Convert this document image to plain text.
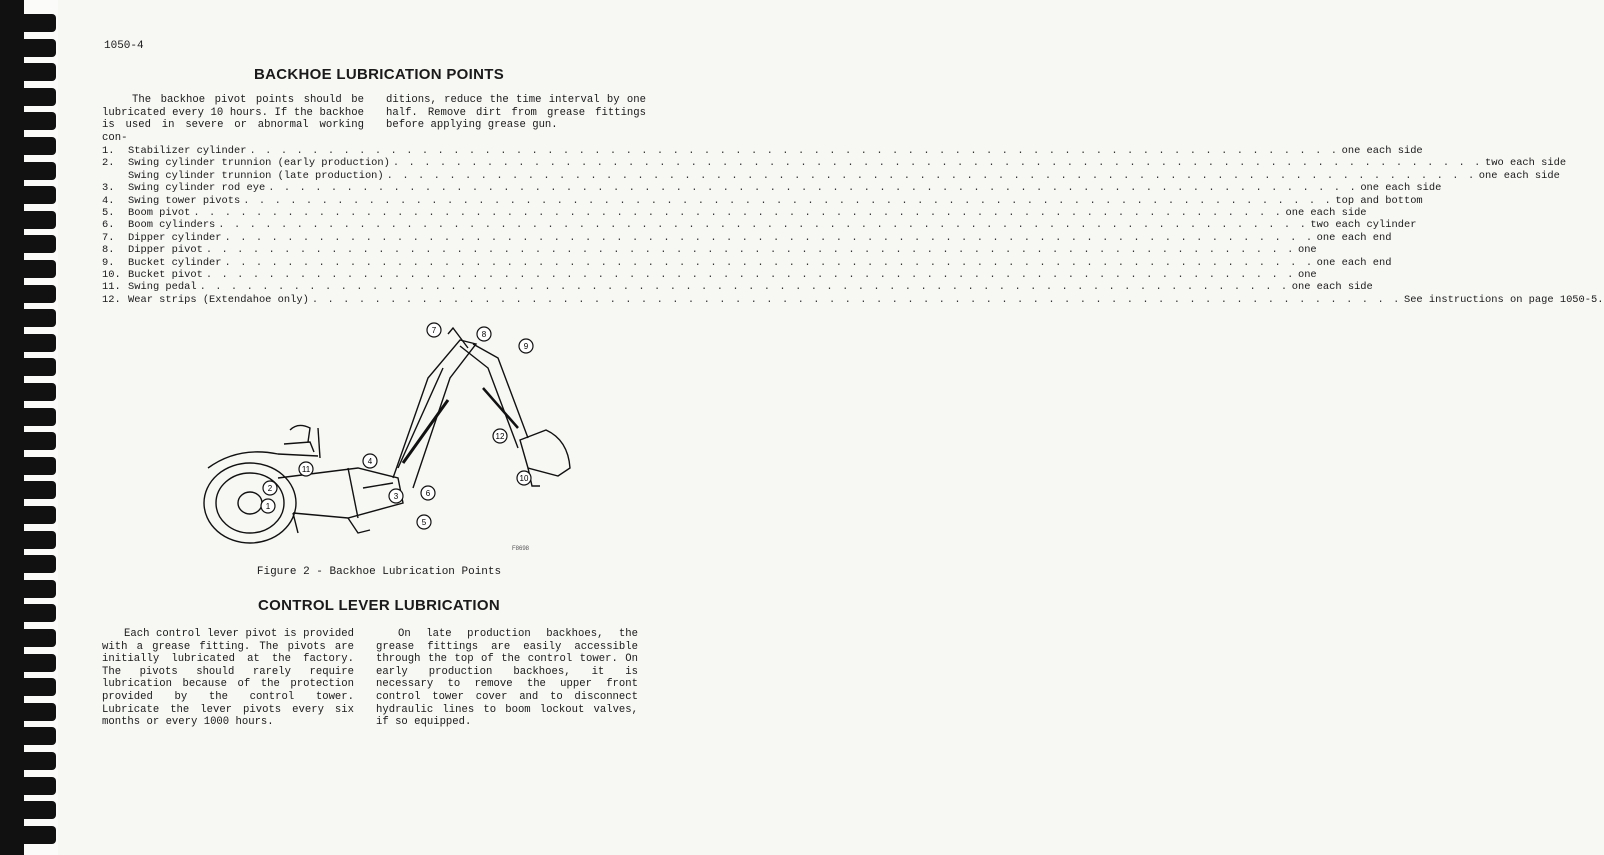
1050-4
BACKHOE LUBRICATION POINTS

The backhoe pivot points should be lubricated every 10 hours. If the backhoe is used in severe or abnormal working con-

ditions, reduce the time interval by one half. Remove dirt from grease fittings before applying grease gun.

1.	Stabilizer cylinder . . .	one each side
2.	Swing cylinder trunnion (early production) . . .	two each side
Swing cylinder trunnion (late production) . . .	one each side
3.	Swing cylinder rod eye . . .	one each side
4.	Swing tower pivots . . .	top and bottom
5.	Boom pivot . . .	one each side
6.	Boom cylinders . . .	two each cylinder
7.	Dipper cylinder . . .	one each end
8.	Dipper pivot . . .	one
9.	Bucket cylinder . . .	one each end
10. Bucket pivot . . .	one
11. Swing pedal . . .	one each side
12. Wear strips (Extendahoe only) . . .	See instructions on page 1050-5.
1
2
3
4
5
6
7	8
9
10
11
12
F8698
Figure 2 - Backhoe Lubrication Points
CONTROL LEVER LUBRICATION

Each control lever pivot is provided with a grease fitting. The pivots are initially lubricated at the factory. The pivots should rarely require lubrication because of the protection provided by the control tower. Lubricate the lever pivots every six months or every 1000 hours.

On late production backhoes, the grease fittings are easily accessible through the top of the control tower. On early production backhoes, it is necessary to remove the upper front control tower cover and to disconnect hydraulic lines to boom lockout valves, if so equipped.
